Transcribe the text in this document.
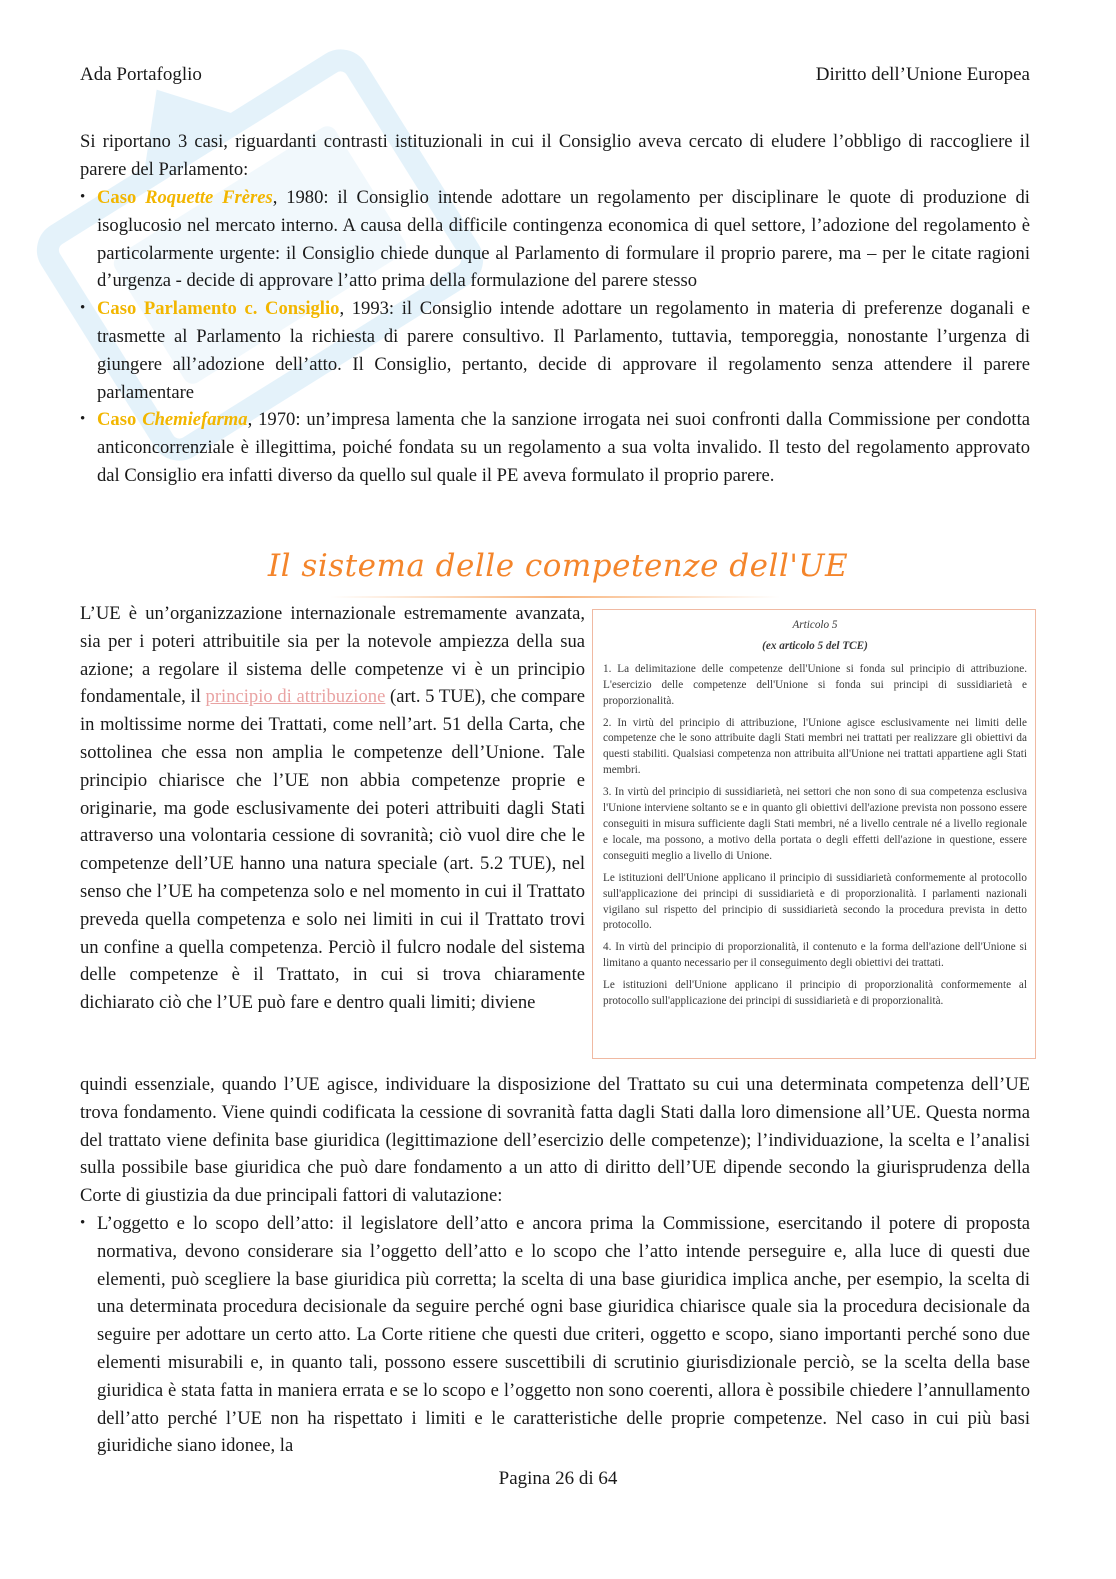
Ada Portafoglio	Diritto dell’Unione Europea

Si riportano 3 casi, riguardanti contrasti istituzionali in cui il Consiglio aveva cercato di eludere l’obbligo di raccogliere il parere del Parlamento:

• Caso Roquette Frères, 1980: il Consiglio intende adottare un regolamento per disciplinare le quote di produzione di isoglucosio nel mercato interno. A causa della difficile contingenza economica di quel settore, l’adozione del regolamento è particolarmente urgente: il Consiglio chiede dunque al Parlamento di formulare il proprio parere, ma – per le citate ragioni d’urgenza - decide di approvare l’atto prima della formulazione del parere stesso
• Caso Parlamento c. Consiglio, 1993: il Consiglio intende adottare un regolamento in materia di preferenze doganali e trasmette al Parlamento la richiesta di parere consultivo. Il Parlamento, tuttavia, temporeggia, nonostante l’urgenza di giungere all’adozione dell’atto. Il Consiglio, pertanto, decide di approvare il regolamento senza attendere il parere parlamentare
• Caso Chemiefarma, 1970: un’impresa lamenta che la sanzione irrogata nei suoi confronti dalla Commissione per condotta anticoncorrenziale è illegittima, poiché fondata su un regolamento a sua volta invalido. Il testo del regolamento approvato dal Consiglio era infatti diverso da quello sul quale il PE aveva formulato il proprio parere.
Il sistema delle competenze dell'UE

L’UE è un’organizzazione internazionale estremamente avanzata, sia per i poteri attribuitile sia per la notevole ampiezza della sua azione; a regolare il sistema delle competenze vi è un principio fondamentale, il principio di attribuzione (art. 5 TUE), che compare in moltissime norme dei Trattati, come nell’art. 51 della Carta, che sottolinea che essa non amplia le competenze dell’Unione. Tale principio chiarisce che l’UE non abbia competenze proprie e originarie, ma gode esclusivamente dei poteri attribuiti dagli Stati attraverso una volontaria cessione di sovranità; ciò vuol dire che le competenze dell’UE hanno una natura speciale (art. 5.2 TUE), nel senso che l’UE ha competenza solo e nel momento in cui il Trattato preveda quella competenza e solo nei limiti in cui il Trattato trovi un confine a quella competenza. Perciò il fulcro nodale del sistema delle competenze è il Trattato, in cui si trova chiaramente dichiarato ciò che l’UE può fare e dentro quali limiti; diviene

Articolo 5
(ex articolo 5 del TCE)

1. La delimitazione delle competenze dell'Unione si fonda sul principio di attribuzione. L'esercizio delle competenze dell'Unione si fonda sui principi di sussidiarietà e proporzionalità.

2. In virtù del principio di attribuzione, l'Unione agisce esclusivamente nei limiti delle competenze che le sono attribuite dagli Stati membri nei trattati per realizzare gli obiettivi da questi stabiliti. Qualsiasi competenza non attribuita all'Unione nei trattati appartiene agli Stati membri.

3. In virtù del principio di sussidiarietà, nei settori che non sono di sua competenza esclusiva l'Unione interviene soltanto se e in quanto gli obiettivi dell'azione prevista non possono essere conseguiti in misura sufficiente dagli Stati membri, né a livello centrale né a livello regionale e locale, ma possono, a motivo della portata o degli effetti dell'azione in questione, essere conseguiti meglio a livello di Unione.

Le istituzioni dell'Unione applicano il principio di sussidiarietà conformemente al protocollo sull'applicazione dei principi di sussidiarietà e di proporzionalità. I parlamenti nazionali vigilano sul rispetto del principio di sussidiarietà secondo la procedura prevista in detto protocollo.

4. In virtù del principio di proporzionalità, il contenuto e la forma dell'azione dell'Unione si limitano a quanto necessario per il conseguimento degli obiettivi dei trattati.

Le istituzioni dell'Unione applicano il principio di proporzionalità conformemente al protocollo sull'applicazione dei principi di sussidiarietà e di proporzionalità.

quindi essenziale, quando l’UE agisce, individuare la disposizione del Trattato su cui una determinata competenza dell’UE trova fondamento. Viene quindi codificata la cessione di sovranità fatta dagli Stati dalla loro dimensione all’UE. Questa norma del trattato viene definita base giuridica (legittimazione dell’esercizio delle competenze); l’individuazione, la scelta e l’analisi sulla possibile base giuridica che può dare fondamento a un atto di diritto dell’UE dipende secondo la giurisprudenza della Corte di giustizia da due principali fattori di valutazione:

• L’oggetto e lo scopo dell’atto: il legislatore dell’atto e ancora prima la Commissione, esercitando il potere di proposta normativa, devono considerare sia l’oggetto dell’atto e lo scopo che l’atto intende perseguire e, alla luce di questi due elementi, può scegliere la base giuridica più corretta; la scelta di una base giuridica implica anche, per esempio, la scelta di una determinata procedura decisionale da seguire perché ogni base giuridica chiarisce quale sia la procedura decisionale da seguire per adottare un certo atto. La Corte ritiene che questi due criteri, oggetto e scopo, siano importanti perché sono due elementi misurabili e, in quanto tali, possono essere suscettibili di scrutinio giurisdizionale perciò, se la scelta della base giuridica è stata fatta in maniera errata e se lo scopo e l’oggetto non sono coerenti, allora è possibile chiedere l’annullamento dell’atto perché l’UE non ha rispettato i limiti e le caratteristiche delle proprie competenze. Nel caso in cui più basi giuridiche siano idonee, la
Pagina 26 di 64
